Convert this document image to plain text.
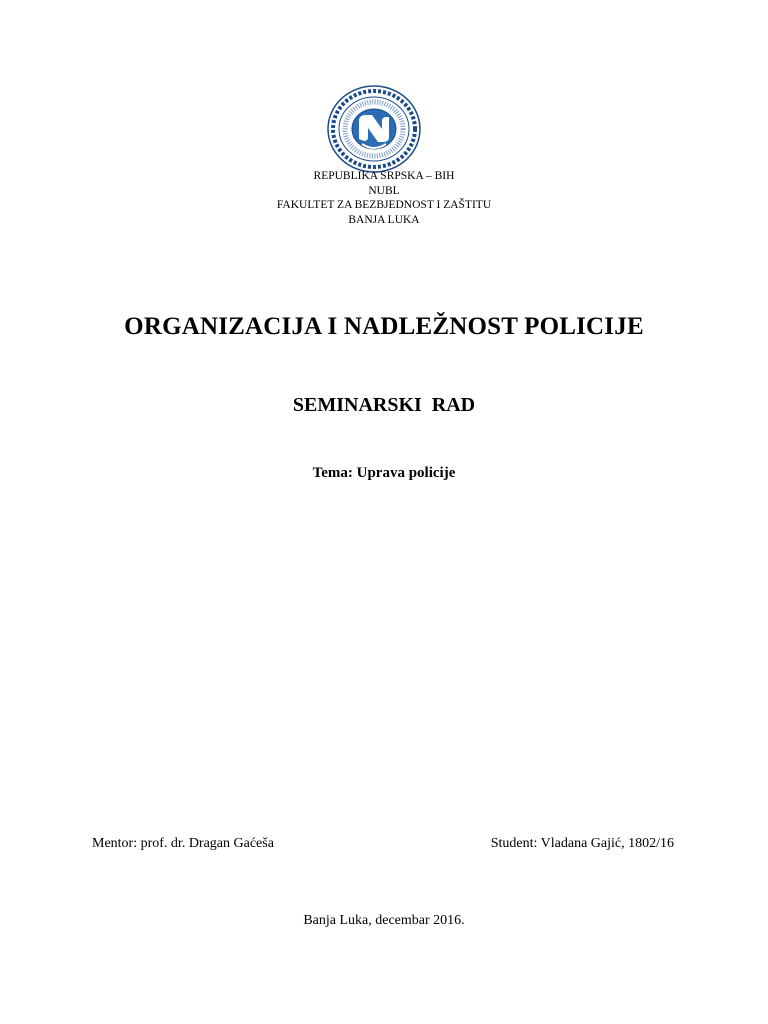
REPUBLIKA SRPSKA – BIH
NUBL
FAKULTET ZA BEZBJEDNOST I ZAŠTITU
BANJA LUKA
ORGANIZACIJA I NADLEŽNOST POLICIJE
SEMINARSKI  RAD
Tema: Uprava policije
Mentor: prof. dr. Dragan Gaćeša	Student: Vladana Gajić, 1802/16
Banja Luka, decembar 2016.
